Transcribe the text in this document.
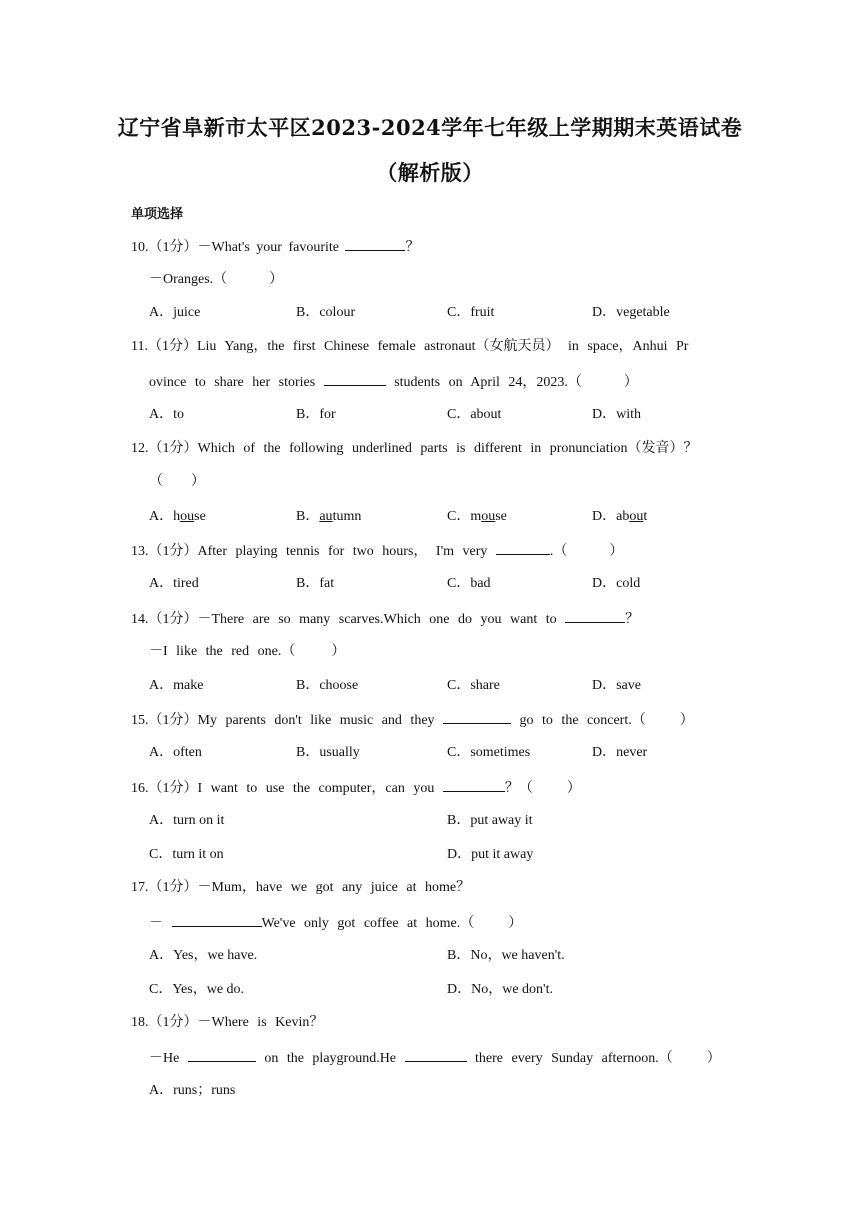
辽宁省阜新市太平区2023-2024学年七年级上学期期末英语试卷
（解析版）
单项选择
10.（1分）－What's your favourite	？
－Oranges.（	）
A．juice	B．colour	C．fruit	D．vegetable
11.（1分）Liu Yang，the first Chinese female astronaut（女航天员） in space，Anhui Pr
ovince to share her stories	students on April 24，2023.（	）
A．to	B．for	C．about	D．with
12.（1分）Which of the following underlined parts is different in pronunciation（发音）？
（ ）
A．house	B．autumn	C．mouse	D．about
13.（1分）After playing tennis for two hours， I'm very	.（	）
A．tired	B．fat	C．bad	D．cold
14.（1分）－There are so many scarves.Which one do you want to	？
－I like the red one.（	）
A．make	B．choose	C．share	D．save
15.（1分）My parents don't like music and they	go to the concert.（ ）
A．often	B．usually	C．sometimes	D．never
16.（1分）I want to use the computer，can you	？（ ）
A．turn on it	B．put away it
C．turn it on	D．put it away
17.（1分）－Mum，have we got any juice at home？
－	We've only got coffee at home.（ ）
A．Yes，we have.	B．No，we haven't.
C．Yes，we do.	D．No，we don't.
18.（1分）－Where is Kevin？
－He	on the playground.He	there every Sunday afternoon.（ ）
A．runs；runs
